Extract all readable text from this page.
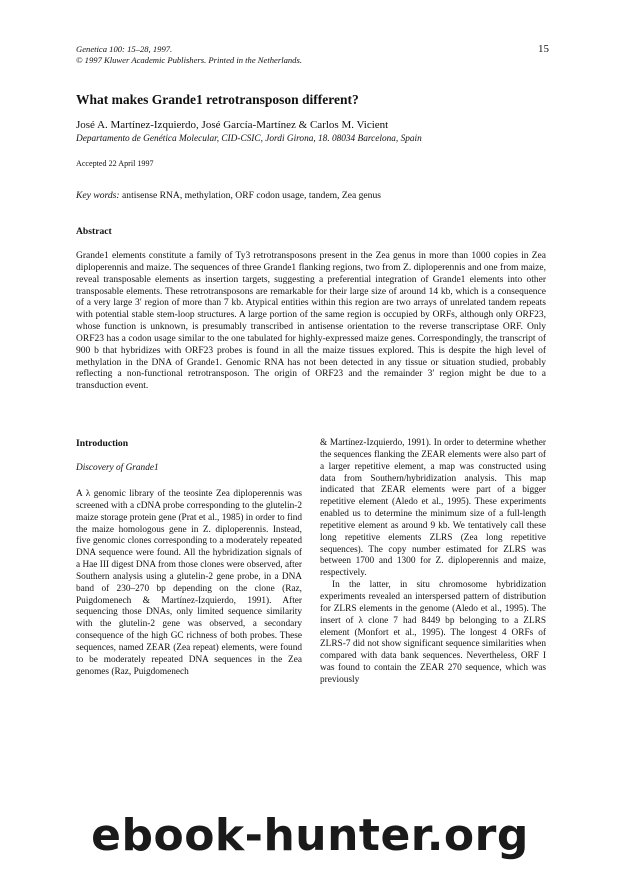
Genetica 100: 15–28, 1997.
© 1997 Kluwer Academic Publishers. Printed in the Netherlands.
15
What makes Grande1 retrotransposon different?
José A. Martínez-Izquierdo, José García-Martínez & Carlos M. Vicient
Departamento de Genética Molecular, CID-CSIC, Jordi Girona, 18. 08034 Barcelona, Spain
Accepted 22 April 1997
Key words: antisense RNA, methylation, ORF codon usage, tandem, Zea genus
Abstract
Grande1 elements constitute a family of Ty3 retrotransposons present in the Zea genus in more than 1000 copies in Zea diploperennis and maize. The sequences of three Grande1 flanking regions, two from Z. diploperennis and one from maize, reveal transposable elements as insertion targets, suggesting a preferential integration of Grande1 elements into other transposable elements. These retrotransposons are remarkable for their large size of around 14 kb, which is a consequence of a very large 3′ region of more than 7 kb. Atypical entities within this region are two arrays of unrelated tandem repeats with potential stable stem-loop structures. A large portion of the same region is occupied by ORFs, although only ORF23, whose function is unknown, is presumably transcribed in antisense orientation to the reverse transcriptase ORF. Only ORF23 has a codon usage similar to the one tabulated for highly-expressed maize genes. Correspondingly, the transcript of 900 b that hybridizes with ORF23 probes is found in all the maize tissues explored. This is despite the high level of methylation in the DNA of Grande1. Genomic RNA has not been detected in any tissue or situation studied, probably reflecting a non-functional retrotransposon. The origin of ORF23 and the remainder 3′ region might be due to a transduction event.
Introduction
Discovery of Grande1
A λ genomic library of the teosinte Zea diploperennis was screened with a cDNA probe corresponding to the glutelin-2 maize storage protein gene (Prat et al., 1985) in order to find the maize homologous gene in Z. diploperennis. Instead, five genomic clones corresponding to a moderately repeated DNA sequence were found. All the hybridization signals of a Hae III digest DNA from those clones were observed, after Southern analysis using a glutelin-2 gene probe, in a DNA band of 230–270 bp depending on the clone (Raz, Puigdomenech & Martínez-Izquierdo, 1991). After sequencing those DNAs, only limited sequence similarity with the glutelin-2 gene was observed, a secondary consequence of the high GC richness of both probes. These sequences, named ZEAR (Zea repeat) elements, were found to be moderately repeated DNA sequences in the Zea genomes (Raz, Puigdomenech

& Martínez-Izquierdo, 1991). In order to determine whether the sequences flanking the ZEAR elements were also part of a larger repetitive element, a map was constructed using data from Southern/hybridization analysis. This map indicated that ZEAR elements were part of a bigger repetitive element (Aledo et al., 1995). These experiments enabled us to determine the minimum size of a full-length repetitive element as around 9 kb. We tentatively call these long repetitive elements ZLRS (Zea long repetitive sequences). The copy number estimated for ZLRS was between 1700 and 1300 for Z. diploperennis and maize, respectively.

In the latter, in situ chromosome hybridization experiments revealed an interspersed pattern of distribution for ZLRS elements in the genome (Aledo et al., 1995). The insert of λ clone 7 had 8449 bp belonging to a ZLRS element (Monfort et al., 1995). The longest 4 ORFs of ZLRS-7 did not show significant sequence similarities when compared with data bank sequences. Nevertheless, ORF I was found to contain the ZEAR 270 sequence, which was previously

ebook-hunter.org
